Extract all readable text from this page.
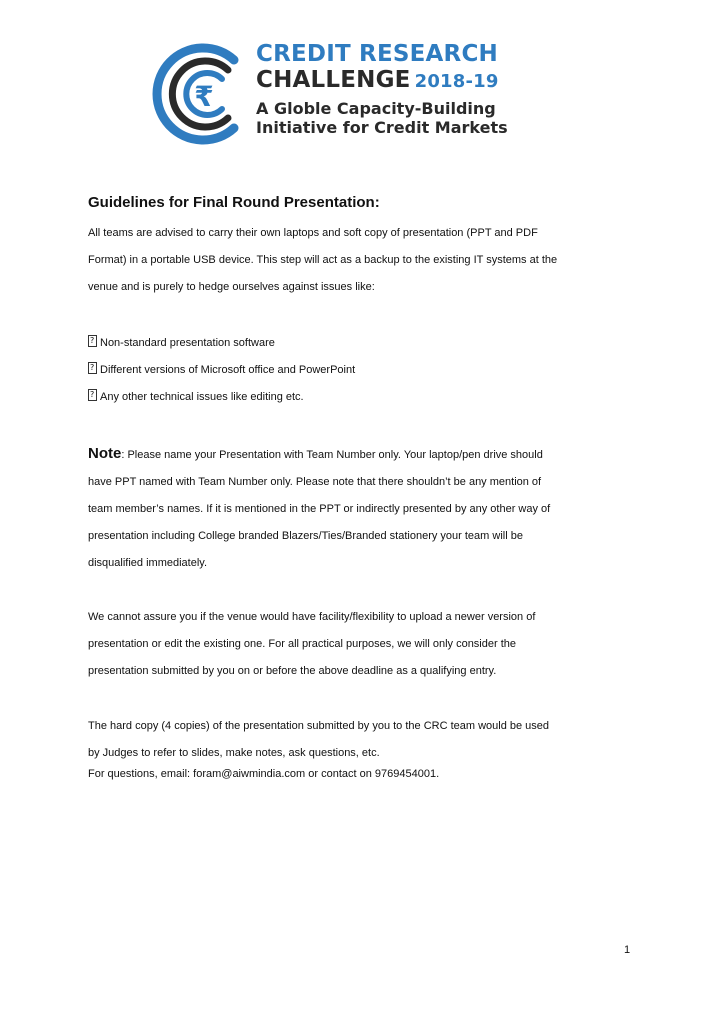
₹
CREDIT RESEARCH
CHALLENGE 2018-19
A Globle Capacity-Building
Initiative for Credit Markets
Guidelines for Final Round Presentation:

All teams are advised to carry their own laptops and soft copy of presentation (PPT and PDF
Format) in a portable USB device. This step will act as a backup to the existing IT systems at the
venue and is purely to hedge ourselves against issues like:

?Non-standard presentation software
?Different versions of Microsoft office and PowerPoint
?Any other technical issues like editing etc.

Note: Please name your Presentation with Team Number only. Your laptop/pen drive should
have PPT named with Team Number only. Please note that there shouldn’t be any mention of
team member’s names. If it is mentioned in the PPT or indirectly presented by any other way of
presentation including College branded Blazers/Ties/Branded stationery your team will be
disqualified immediately.

We cannot assure you if the venue would have facility/flexibility to upload a newer version of
presentation or edit the existing one. For all practical purposes, we will only consider the
presentation submitted by you on or before the above deadline as a qualifying entry.

The hard copy (4 copies) of the presentation submitted by you to the CRC team would be used
by Judges to refer to slides, make notes, ask questions, etc.
For questions, email: foram@aiwmindia.com or contact on 9769454001.

1
